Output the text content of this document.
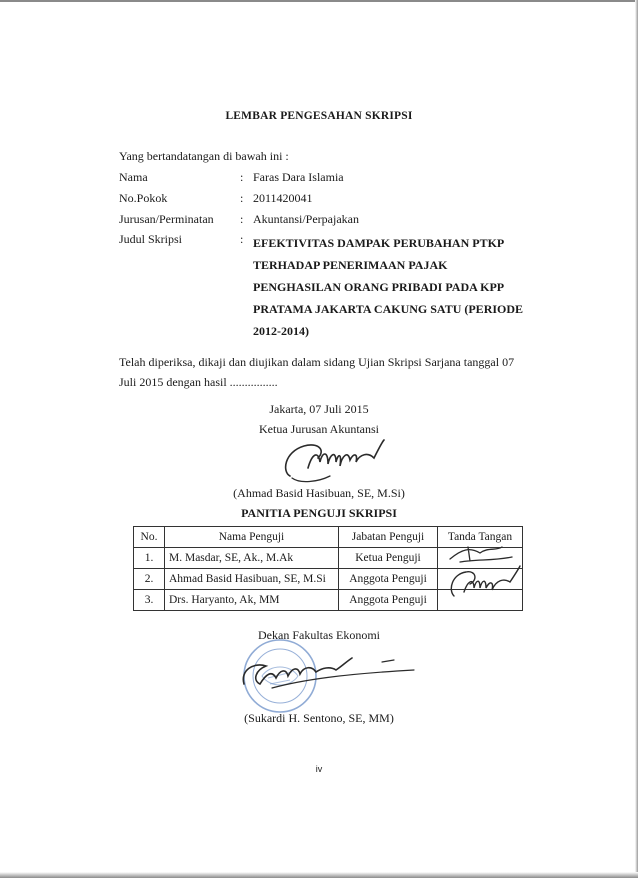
LEMBAR PENGESAHAN SKRIPSI
Yang bertandatangan di bawah ini :
Nama	: Faras Dara Islamia
No.Pokok	: 2011420041
Jurusan/Perminatan : Akuntansi/Perpajakan
Judul Skripsi	: EFEKTIVITAS DAMPAK PERUBAHAN PTKP
TERHADAP PENERIMAAN PAJAK
PENGHASILAN ORANG PRIBADI PADA KPP
PRATAMA JAKARTA CAKUNG SATU (PERIODE
2012-2014)
Telah diperiksa, dikaji dan diujikan dalam sidang Ujian Skripsi Sarjana tanggal 07 Juli 2015 dengan hasil ................
Jakarta, 07 Juli 2015
Ketua Jurusan Akuntansi
(Ahmad Basid Hasibuan, SE, M.Si)
PANITIA PENGUJI SKRIPSI
No.	Nama Penguji	Jabatan Penguji	Tanda Tangan
1.	M. Masdar, SE, Ak., M.Ak	Ketua Penguji	
2.	Ahmad Basid Hasibuan, SE, M.Si	Anggota Penguji	
3.	Drs. Haryanto, Ak, MM	Anggota Penguji	
Dekan Fakultas Ekonomi
(Sukardi H. Sentono, SE, MM)
iv
